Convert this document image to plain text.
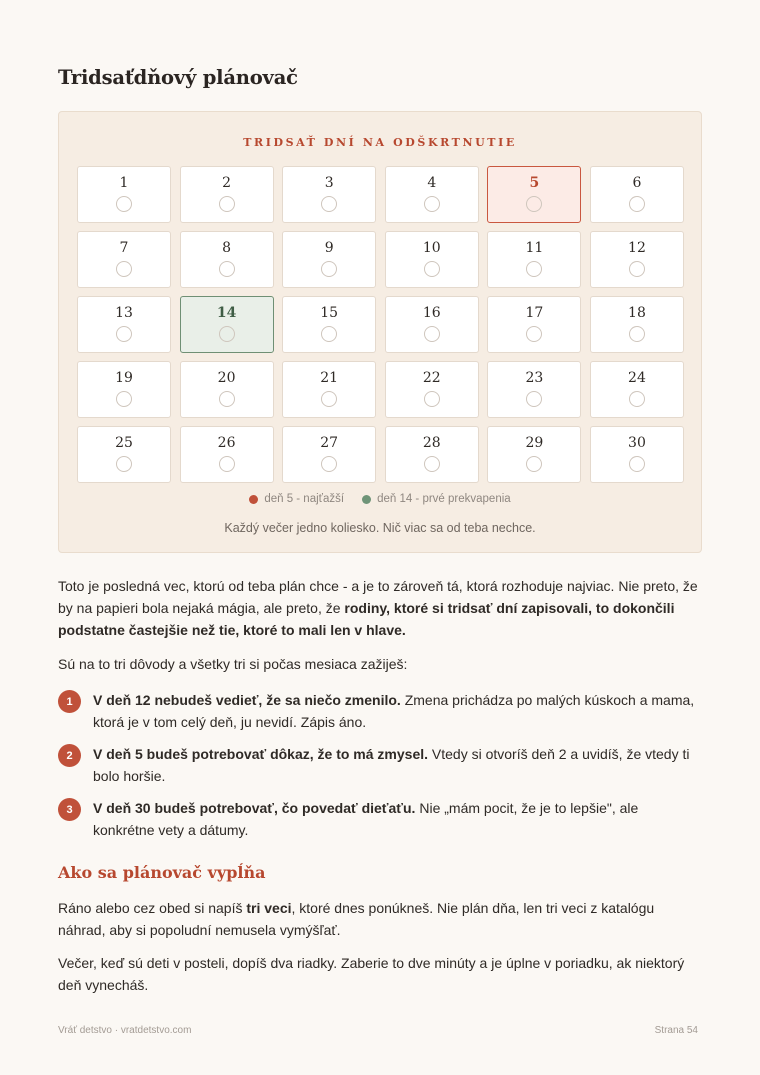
Tridsaťdňový plánovač
TRIDSAŤ DNÍ NA ODŠKRTNUTIE
1	2	3	4	5	6
7	8	9	10	11	12
13	14	15	16	17	18
19	20	21	22	23	24
25	26	27	28	29	30
deň 5 - najťažší	deň 14 - prvé prekvapenia
Každý večer jedno koliesko. Nič viac sa od teba nechce.

Toto je posledná vec, ktorú od teba plán chce - a je to zároveň tá, ktorá rozhoduje najviac. Nie preto, že by na papieri bola nejaká mágia, ale preto, že rodiny, ktoré si tridsať dní zapisovali, to dokončili podstatne častejšie než tie, ktoré to mali len v hlave.

Sú na to tri dôvody a všetky tri si počas mesiaca zažiješ:

1	V deň 12 nebudeš vedieť, že sa niečo zmenilo. Zmena prichádza po malých kúskoch a mama, ktorá je v tom celý deň, ju nevidí. Zápis áno.

2	V deň 5 budeš potrebovať dôkaz, že to má zmysel. Vtedy si otvoríš deň 2 a uvidíš, že vtedy ti bolo horšie.

3	V deň 30 budeš potrebovať, čo povedať dieťaťu. Nie „mám pocit, že je to lepšie", ale konkrétne vety a dátumy.

Ako sa plánovač vypĺňa

Ráno alebo cez obed si napíš tri veci, ktoré dnes ponúkneš. Nie plán dňa, len tri veci z katalógu náhrad, aby si popoludní nemusela vymýšľať.

Večer, keď sú deti v posteli, dopíš dva riadky. Zaberie to dve minúty a je úplne v poriadku, ak niektorý deň vynecháš.

Vráť detstvo · vratdetstvo.com	Strana 54
